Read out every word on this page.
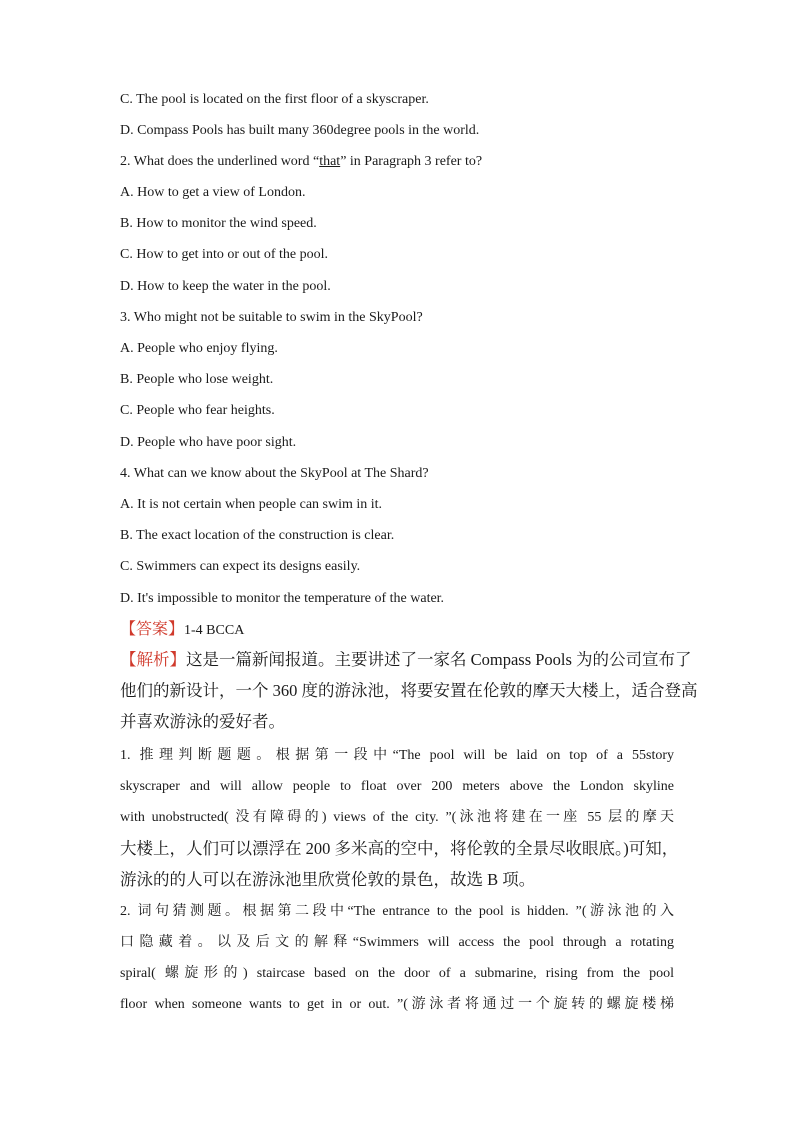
C. The pool is located on the first floor of a skyscraper.
D. Compass Pools has built many 360degree pools in the world.
2. What does the underlined word “that” in Paragraph 3 refer to?
A. How to get a view of London.
B. How to monitor the wind speed.
C. How to get into or out of the pool.
D. How to keep the water in the pool.
3. Who might not be suitable to swim in the SkyPool?
A. People who enjoy flying.
B. People who lose weight.
C. People who fear heights.
D. People who have poor sight.
4. What can we know about the SkyPool at The Shard?
A. It is not certain when people can swim in it.
B. The exact location of the construction is clear.
C. Swimmers can expect its designs easily.
D. It's impossible to monitor the temperature of the water.
【答案】1-4 BCCA
【解析】这是一篇新闻报道。主要讲述了一家名 Compass Pools 为的公司宣布了
他们的新设计，一个 360 度的游泳池，将要安置在伦敦的摩天大楼上，适合登高
并喜欢游泳的爱好者。
1. 推理判断题题。根据第一段中“The pool will be laid on top of a 55story
skyscraper and will allow people to float over 200 meters above the London skyline
with unobstructed( 没有障碍的) views of the city. ”(泳池将建在一座 55 层的摩天
大楼上，人们可以漂浮在 200 多米高的空中，将伦敦的全景尽收眼底。)可知，
游泳的的人可以在游泳池里欣赏伦敦的景色，故选 B 项。
2. 词句猜测题。根据第二段中“The entrance to the pool is hidden. ”(游泳池的入
口隐藏着。以及后文的解释“Swimmers will access the pool through a rotating
spiral( 螺旋形的) staircase based on the door of a submarine, rising from the pool
floor when someone wants to get in or out. ”(游泳者将通过一个旋转的螺旋楼梯
